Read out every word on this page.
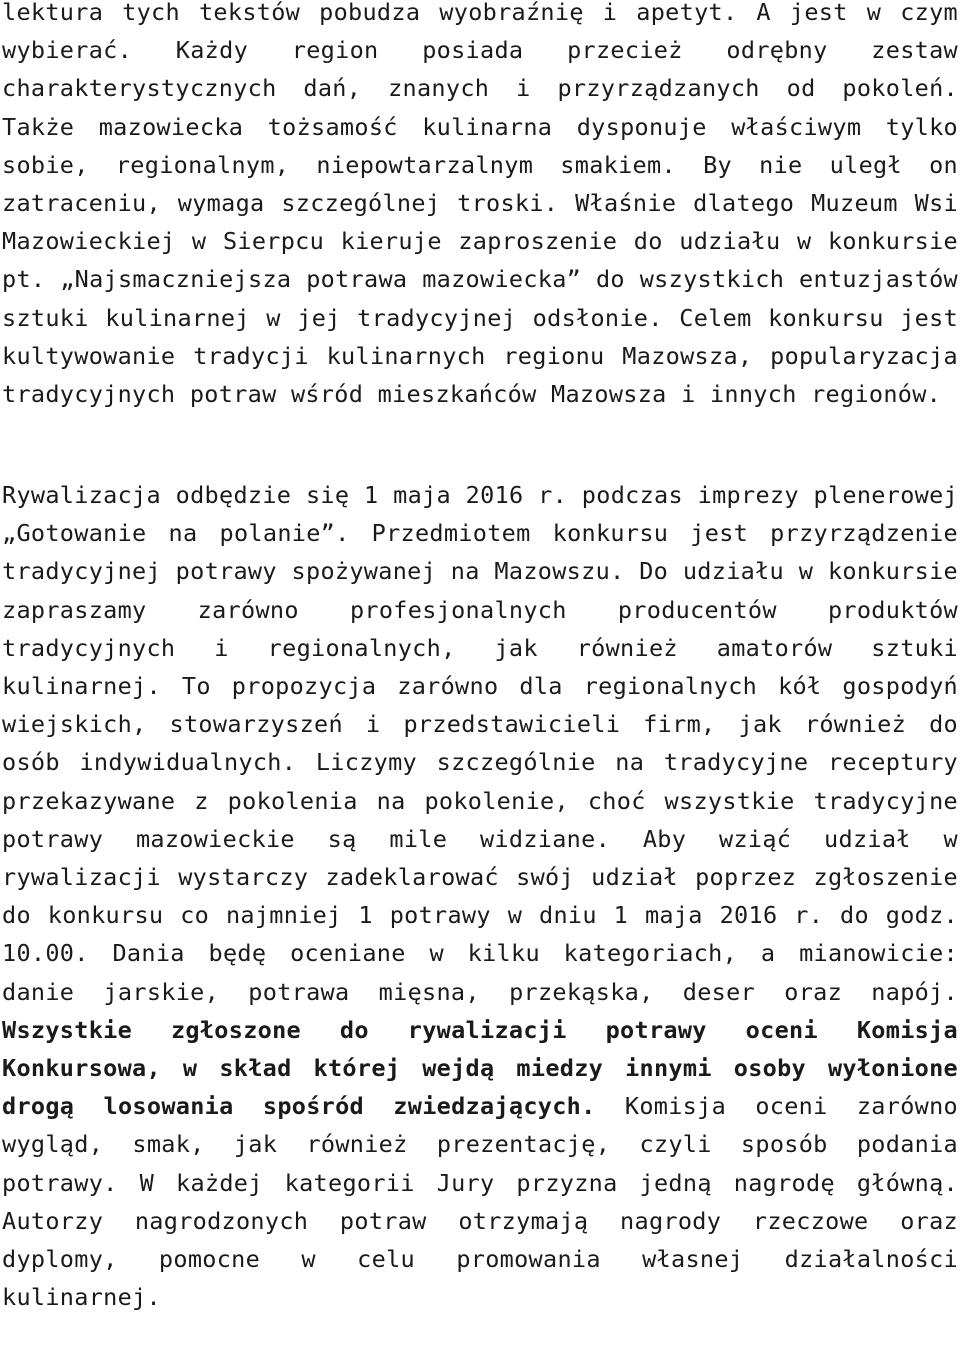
lektura tych tekstów pobudza wyobraźnię i apetyt. A jest w czym wybierać. Każdy region posiada przecież odrębny zestaw charakterystycznych dań, znanych i przyrządzanych od pokoleń. Także mazowiecka tożsamość kulinarna dysponuje właściwym tylko sobie, regionalnym, niepowtarzalnym smakiem. By nie uległ on zatraceniu, wymaga szczególnej troski. Właśnie dlatego Muzeum Wsi Mazowieckiej w Sierpcu kieruje zaproszenie do udziału w konkursie pt. „Najsmaczniejsza potrawa mazowiecka” do wszystkich entuzjastów sztuki kulinarnej w jej tradycyjnej odsłonie. Celem konkursu jest kultywowanie tradycji kulinarnych regionu Mazowsza, popularyzacja tradycyjnych potraw wśród mieszkańców Mazowsza i innych regionów.

Rywalizacja odbędzie się 1 maja 2016 r. podczas imprezy plenerowej „Gotowanie na polanie”. Przedmiotem konkursu jest przyrządzenie tradycyjnej potrawy spożywanej na Mazowszu. Do udziału w konkursie zapraszamy zarówno profesjonalnych producentów produktów tradycyjnych i regionalnych, jak również amatorów sztuki kulinarnej. To propozycja zarówno dla regionalnych kół gospodyń wiejskich, stowarzyszeń i przedstawicieli firm, jak również do osób indywidualnych. Liczymy szczególnie na tradycyjne receptury przekazywane z pokolenia na pokolenie, choć wszystkie tradycyjne potrawy mazowieckie są mile widziane. Aby wziąć udział w rywalizacji wystarczy zadeklarować swój udział poprzez zgłoszenie do konkursu co najmniej 1 potrawy w dniu 1 maja 2016 r. do godz. 10.00. Dania będę oceniane w kilku kategoriach, a mianowicie: danie jarskie, potrawa mięsna, przekąska, deser oraz napój. Wszystkie zgłoszone do rywalizacji potrawy oceni Komisja Konkursowa, w skład której wejdą miedzy innymi osoby wyłonione drogą losowania spośród zwiedzających. Komisja oceni zarówno wygląd, smak, jak również prezentację, czyli sposób podania potrawy. W każdej kategorii Jury przyzna jedną nagrodę główną. Autorzy nagrodzonych potraw otrzymają nagrody rzeczowe oraz dyplomy, pomocne w celu promowania własnej działalności kulinarnej.
